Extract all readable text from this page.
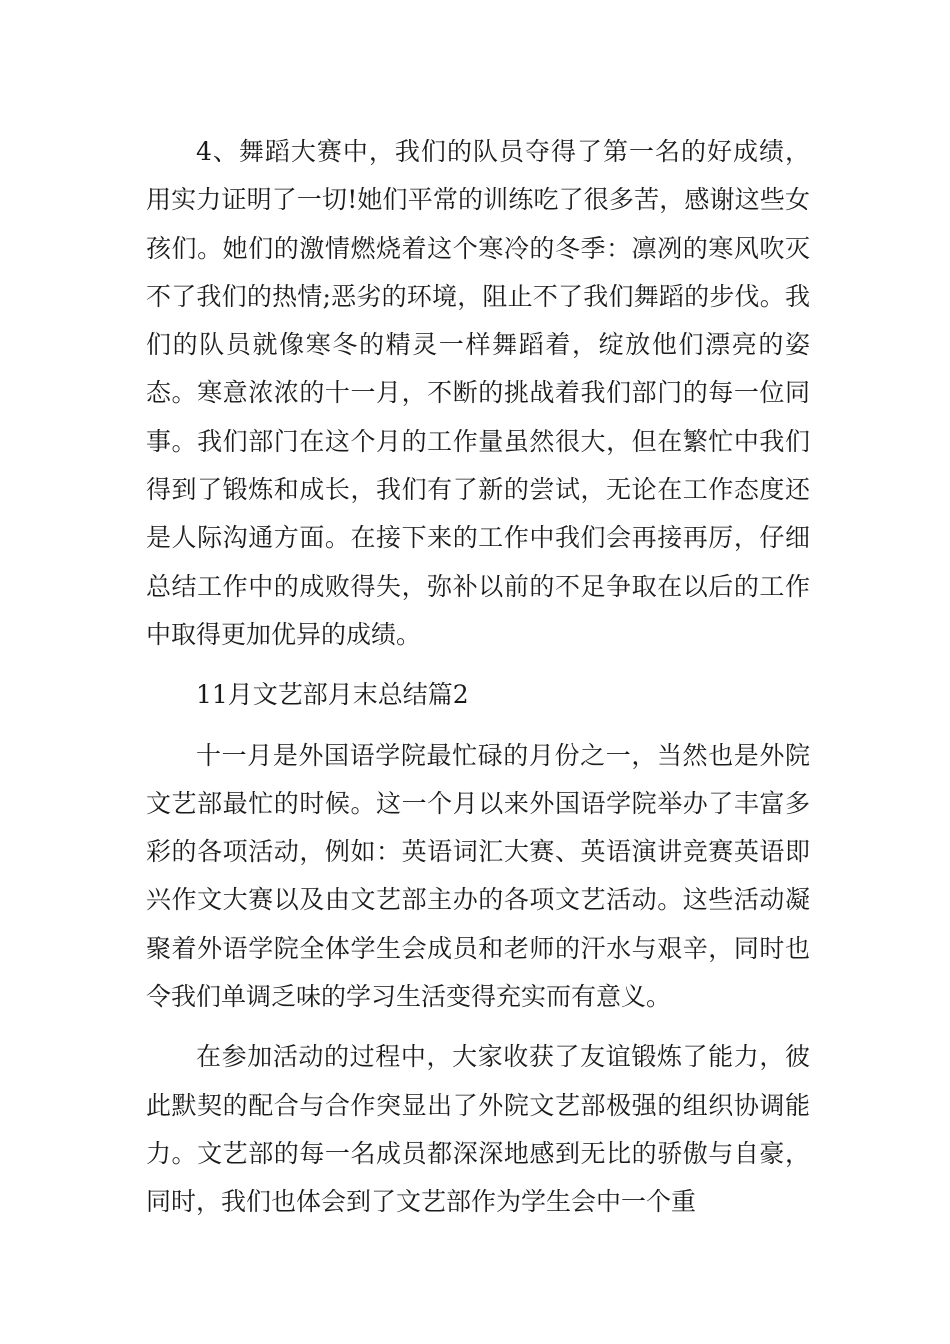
4、舞蹈大赛中，我们的队员夺得了第一名的好成绩，用实力证明了一切!她们平常的训练吃了很多苦，感谢这些女孩们。她们的激情燃烧着这个寒冷的冬季：凛冽的寒风吹灭不了我们的热情;恶劣的环境，阻止不了我们舞蹈的步伐。我们的队员就像寒冬的精灵一样舞蹈着，绽放他们漂亮的姿态。寒意浓浓的十一月，不断的挑战着我们部门的每一位同事。我们部门在这个月的工作量虽然很大，但在繁忙中我们得到了锻炼和成长，我们有了新的尝试，无论在工作态度还是人际沟通方面。在接下来的工作中我们会再接再厉，仔细总结工作中的成败得失，弥补以前的不足争取在以后的工作中取得更加优异的成绩。

11月文艺部月末总结篇2

十一月是外国语学院最忙碌的月份之一，当然也是外院文艺部最忙的时候。这一个月以来外国语学院举办了丰富多彩的各项活动，例如：英语词汇大赛、英语演讲竞赛英语即兴作文大赛以及由文艺部主办的各项文艺活动。这些活动凝聚着外语学院全体学生会成员和老师的汗水与艰辛，同时也令我们单调乏味的学习生活变得充实而有意义。

在参加活动的过程中，大家收获了友谊锻炼了能力，彼此默契的配合与合作突显出了外院文艺部极强的组织协调能力。文艺部的每一名成员都深深地感到无比的骄傲与自豪，同时，我们也体会到了文艺部作为学生会中一个重
